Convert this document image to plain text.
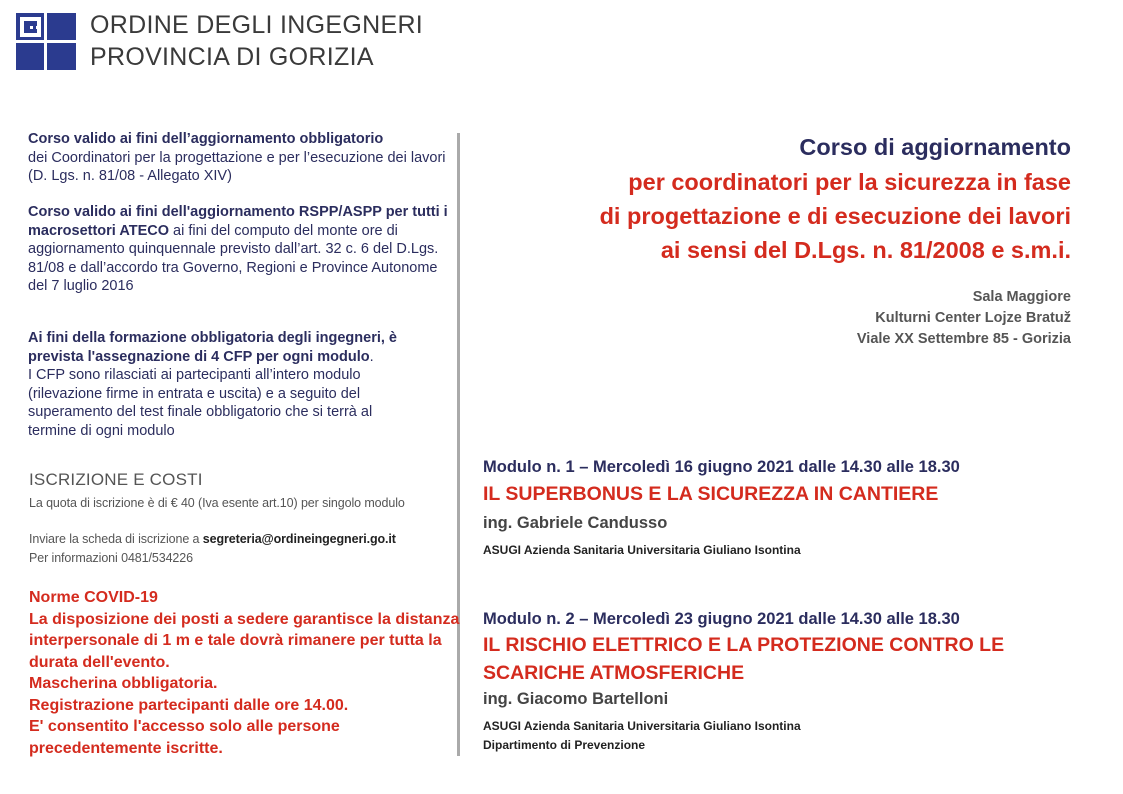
ORDINE DEGLI INGEGNERI
PROVINCIA DI GORIZIA
Corso valido ai fini dell’aggiornamento obbligatorio
dei Coordinatori per la progettazione e per l’esecuzione dei lavori (D. Lgs. n. 81/08 - Allegato XIV)
Corso valido ai fini dell'aggiornamento RSPP/ASPP per tutti i macrosettori ATECO ai fini del computo del monte ore di aggiornamento quinquennale previsto dall’art. 32 c. 6 del D.Lgs. 81/08 e dall’accordo tra Governo, Regioni e Province Autonome del 7 luglio 2016
Ai fini della formazione obbligatoria degli ingegneri, è prevista l'assegnazione di 4 CFP per ogni modulo.
I CFP sono rilasciati ai partecipanti all’intero modulo (rilevazione firme in entrata e uscita) e a seguito del superamento del test finale obbligatorio che si terrà al termine di ogni modulo
ISCRIZIONE E COSTI
La quota di iscrizione è di € 40 (Iva esente art.10) per singolo modulo
Inviare la scheda di iscrizione a segreteria@ordineingegneri.go.it
Per informazioni 0481/534226
Norme COVID-19
La disposizione dei posti a sedere garantisce la distanza
interpersonale di 1 m e tale dovrà rimanere per tutta la
durata dell'evento.
Mascherina obbligatoria.
Registrazione partecipanti dalle ore 14.00.
E' consentito l'accesso solo alle persone
precedentemente iscritte.
Corso di aggiornamento
per coordinatori per la sicurezza in fase
di progettazione e di esecuzione dei lavori
ai sensi del D.Lgs. n. 81/2008 e s.m.i.
Sala Maggiore
Kulturni Center Lojze Bratuž
Viale XX Settembre 85 - Gorizia
Modulo n. 1 – Mercoledì 16 giugno 2021 dalle 14.30 alle 18.30
IL SUPERBONUS E LA SICUREZZA IN CANTIERE
ing. Gabriele Candusso
ASUGI Azienda Sanitaria Universitaria Giuliano Isontina
Modulo n. 2 – Mercoledì 23 giugno 2021 dalle 14.30 alle 18.30
IL RISCHIO ELETTRICO E LA PROTEZIONE CONTRO LE
SCARICHE ATMOSFERICHE
ing. Giacomo Bartelloni
ASUGI Azienda Sanitaria Universitaria Giuliano Isontina
Dipartimento di Prevenzione
